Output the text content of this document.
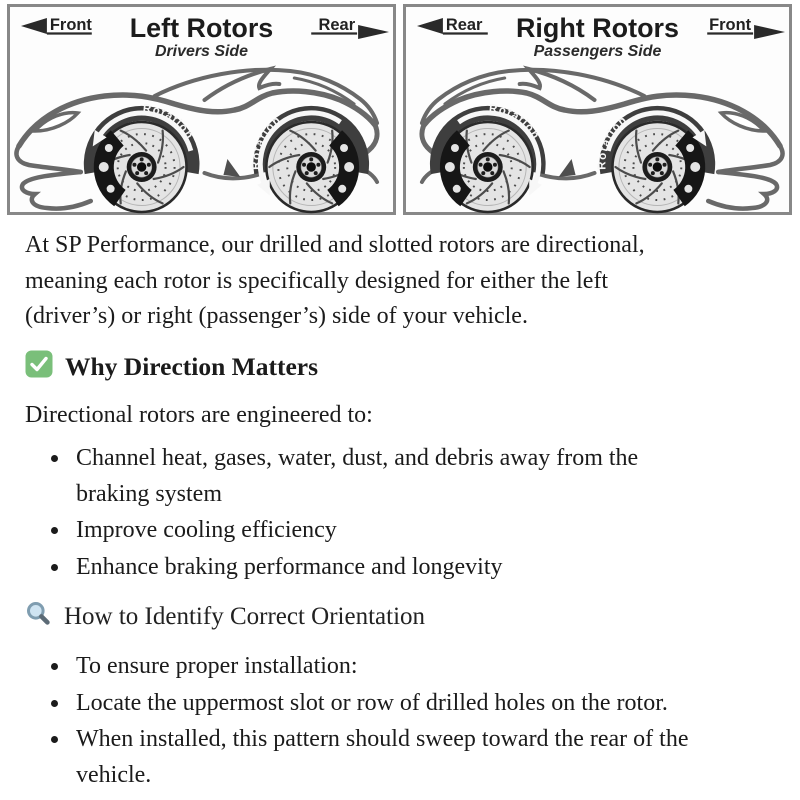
Rotation
Rotation
Front Left Rotors
Drivers Side
Rear
Rotation
Rotation
Rear Right Rotors
Passengers Side
Front

At SP Performance, our drilled and slotted rotors are directional,
meaning each rotor is specifically designed for either the left
(driver’s) or right (passenger’s) side of your vehicle.

Why Direction Matters

Directional rotors are engineered to:

• Channel heat, gases, water, dust, and debris away from the
braking system
• Improve cooling efficiency
• Enhance braking performance and longevity
How to Identify Correct Orientation
• To ensure proper installation:
• Locate the uppermost slot or row of drilled holes on the rotor.
• When installed, this pattern should sweep toward the rear of the
vehicle.
